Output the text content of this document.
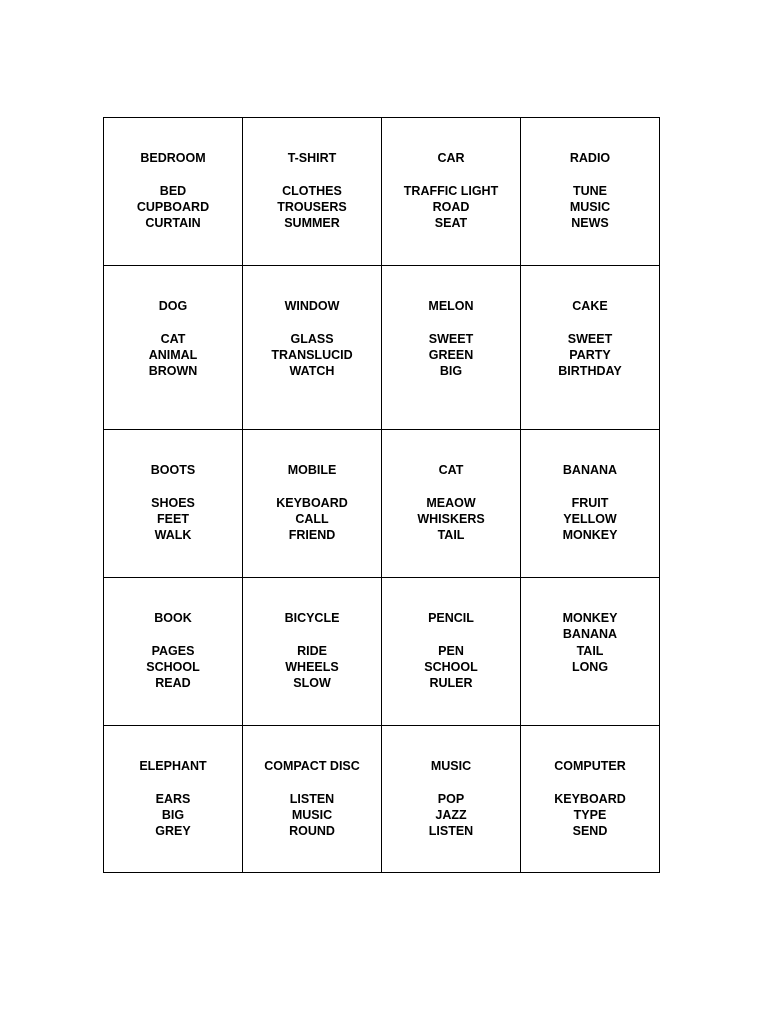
BEDROOM
BED
CUPBOARD
CURTAIN
T-SHIRT
CLOTHES
TROUSERS
SUMMER
CAR
TRAFFIC LIGHT
ROAD
SEAT
RADIO
TUNE
MUSIC
NEWS
DOG
CAT
ANIMAL
BROWN
WINDOW
GLASS
TRANSLUCID
WATCH
MELON
SWEET
GREEN
BIG
CAKE
SWEET
PARTY
BIRTHDAY
BOOTS
SHOES
FEET
WALK
MOBILE
KEYBOARD
CALL
FRIEND
CAT
MEAOW
WHISKERS
TAIL
BANANA
FRUIT
YELLOW
MONKEY
BOOK
PAGES
SCHOOL
READ
BICYCLE
RIDE
WHEELS
SLOW
PENCIL
PEN
SCHOOL
RULER
MONKEY
BANANA
TAIL
LONG
ELEPHANT
EARS
BIG
GREY
COMPACT DISC
LISTEN
MUSIC
ROUND
MUSIC
POP
JAZZ
LISTEN
COMPUTER
KEYBOARD
TYPE
SEND
